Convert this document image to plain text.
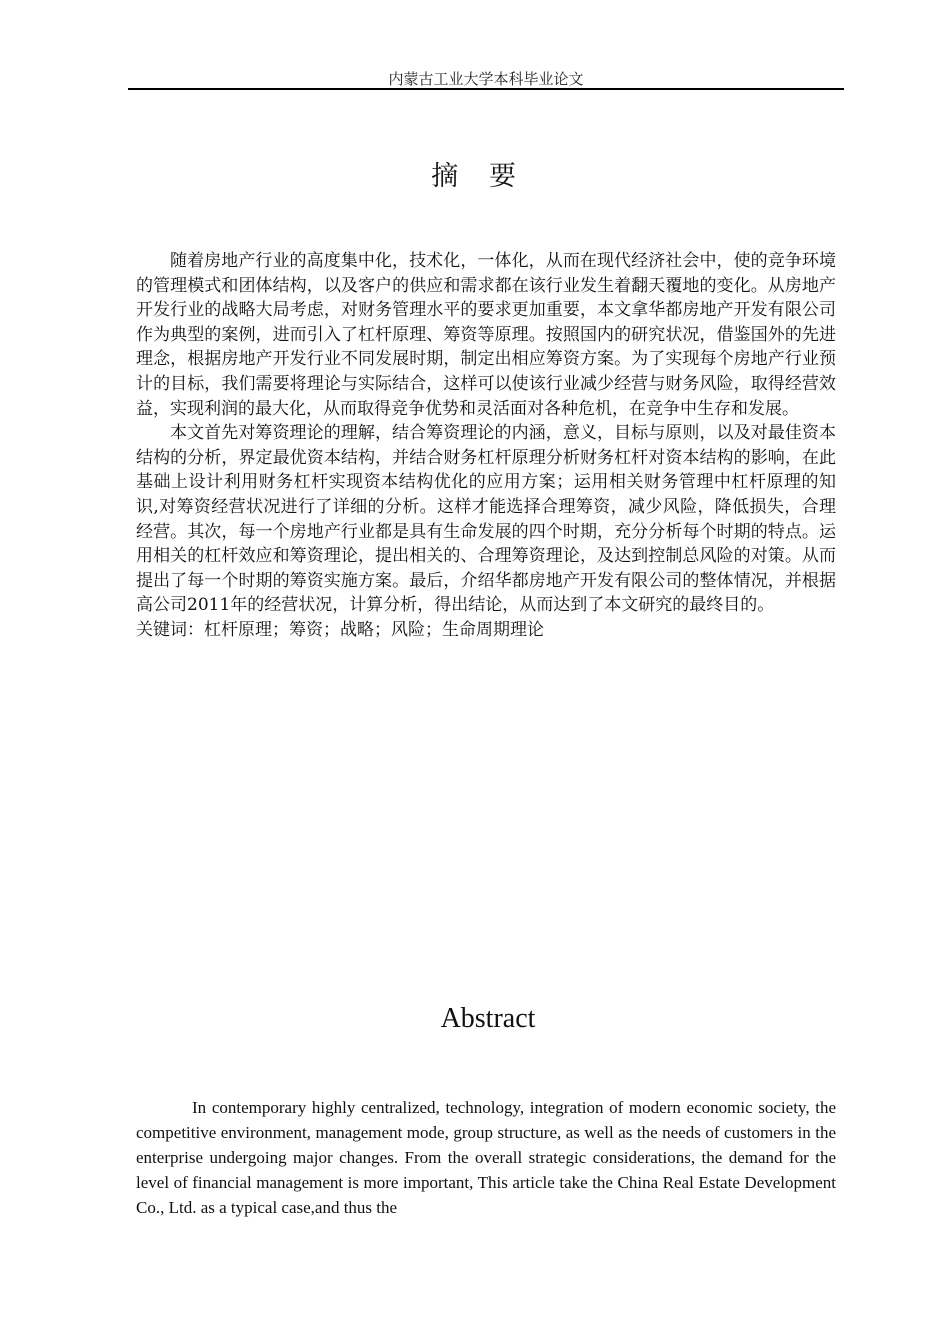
内蒙古工业大学本科毕业论文
摘 要

随着房地产行业的高度集中化，技术化，一体化，从而在现代经济社会中，使的竞争环境的管理模式和团体结构，以及客户的供应和需求都在该行业发生着翻天覆地的变化。从房地产开发行业的战略大局考虑，对财务管理水平的要求更加重要，本文拿华都房地产开发有限公司作为典型的案例，进而引入了杠杆原理、筹资等原理。按照国内的研究状况，借鉴国外的先进理念，根据房地产开发行业不同发展时期，制定出相应筹资方案。为了实现每个房地产行业预计的目标，我们需要将理论与实际结合，这样可以使该行业减少经营与财务风险，取得经营效益，实现利润的最大化，从而取得竞争优势和灵活面对各种危机，在竞争中生存和发展。

本文首先对筹资理论的理解，结合筹资理论的内涵，意义，目标与原则，以及对最佳资本结构的分析，界定最优资本结构，并结合财务杠杆原理分析财务杠杆对资本结构的影响，在此基础上设计利用财务杠杆实现资本结构优化的应用方案；运用相关财务管理中杠杆原理的知识,对筹资经营状况进行了详细的分析。这样才能选择合理筹资，减少风险，降低损失，合理经营。其次，每一个房地产行业都是具有生命发展的四个时期，充分分析每个时期的特点。运用相关的杠杆效应和筹资理论，提出相关的、合理筹资理论，及达到控制总风险的对策。从而提出了每一个时期的筹资实施方案。最后，介绍华都房地产开发有限公司的整体情况，并根据高公司2011年的经营状况，计算分析，得出结论，从而达到了本文研究的最终目的。

关键词：杠杆原理；筹资；战略；风险；生命周期理论

Abstract

In contemporary highly centralized, technology, integration of modern economic society, the competitive environment, management mode, group structure, as well as the needs of customers in the enterprise undergoing major changes. From the overall strategic considerations, the demand for the level of financial management is more important, This article take the China Real Estate Development Co., Ltd. as a typical case,and thus the
